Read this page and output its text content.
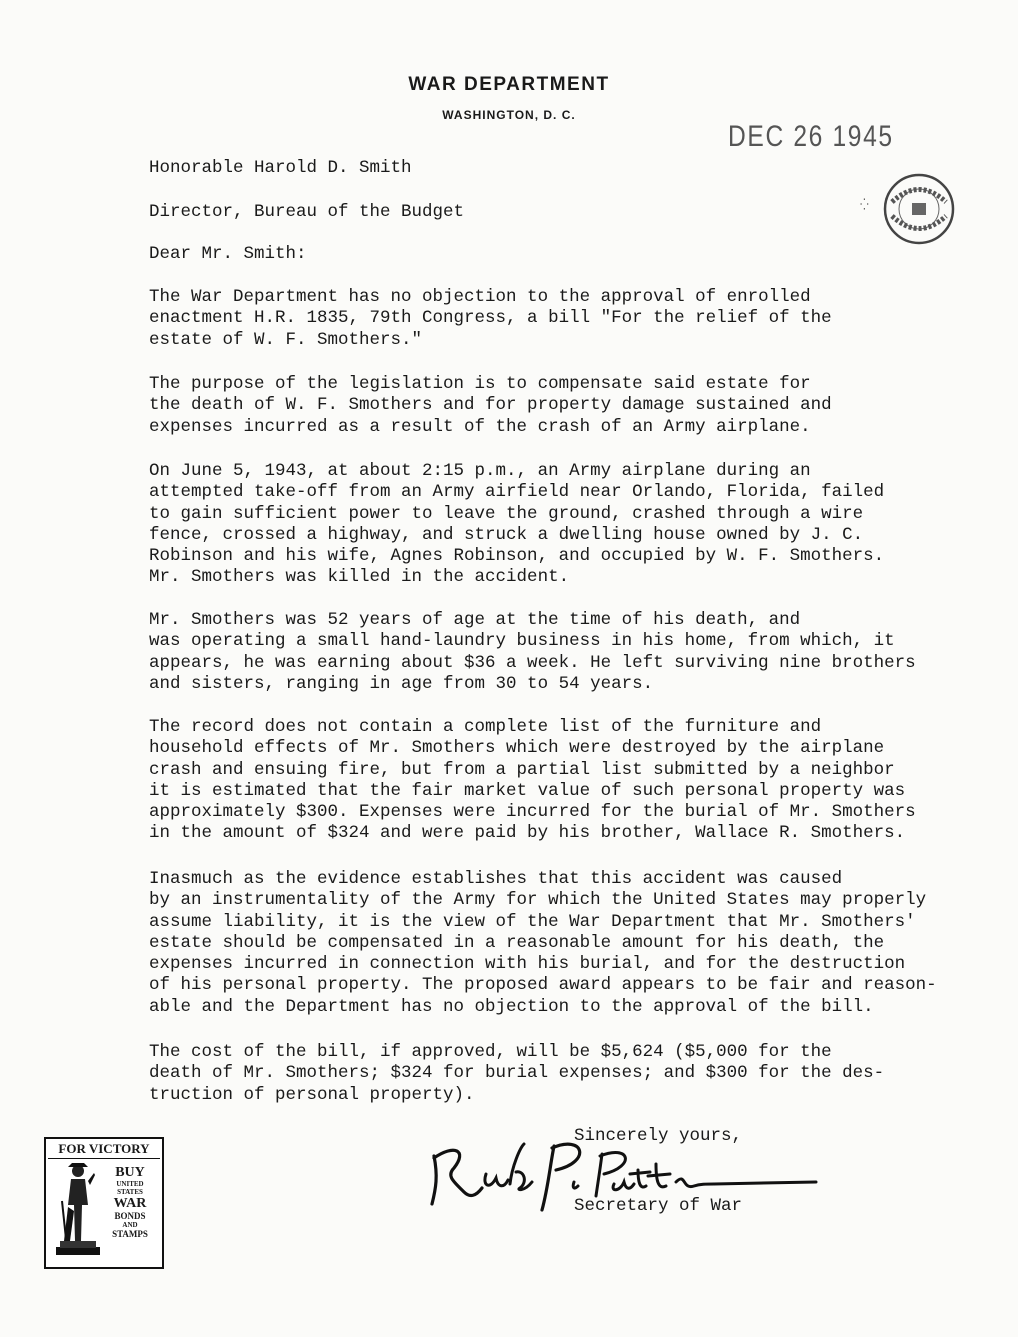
WAR DEPARTMENT
WASHINGTON, D. C.
DEC 26 1945
⁛
Honorable Harold D. Smith
Director, Bureau of the Budget
Dear Mr. Smith:
The War Department has no objection to the approval of enrolled
enactment H.R. 1835, 79th Congress, a bill "For the relief of the
estate of W. F. Smothers."
The purpose of the legislation is to compensate said estate for
the death of W. F. Smothers and for property damage sustained and
expenses incurred as a result of the crash of an Army airplane.
On June 5, 1943, at about 2:15 p.m., an Army airplane during an
attempted take-off from an Army airfield near Orlando, Florida, failed
to gain sufficient power to leave the ground, crashed through a wire
fence, crossed a highway, and struck a dwelling house owned by J. C.
Robinson and his wife, Agnes Robinson, and occupied by W. F. Smothers.
Mr. Smothers was killed in the accident.
Mr. Smothers was 52 years of age at the time of his death, and
was operating a small hand-laundry business in his home, from which, it
appears, he was earning about $36 a week. He left surviving nine brothers
and sisters, ranging in age from 30 to 54 years.
The record does not contain a complete list of the furniture and
household effects of Mr. Smothers which were destroyed by the airplane
crash and ensuing fire, but from a partial list submitted by a neighbor
it is estimated that the fair market value of such personal property was
approximately $300. Expenses were incurred for the burial of Mr. Smothers
in the amount of $324 and were paid by his brother, Wallace R. Smothers.
Inasmuch as the evidence establishes that this accident was caused
by an instrumentality of the Army for which the United States may properly
assume liability, it is the view of the War Department that Mr. Smothers'
estate should be compensated in a reasonable amount for his death, the
expenses incurred in connection with his burial, and for the destruction
of his personal property. The proposed award appears to be fair and reason-
able and the Department has no objection to the approval of the bill.
The cost of the bill, if approved, will be $5,624 ($5,000 for the
death of Mr. Smothers; $324 for burial expenses; and $300 for the des-
truction of personal property).
Sincerely yours,
Secretary of War
FOR VICTORY
BUY
UNITED
STATES
WAR
BONDS
AND
STAMPS
